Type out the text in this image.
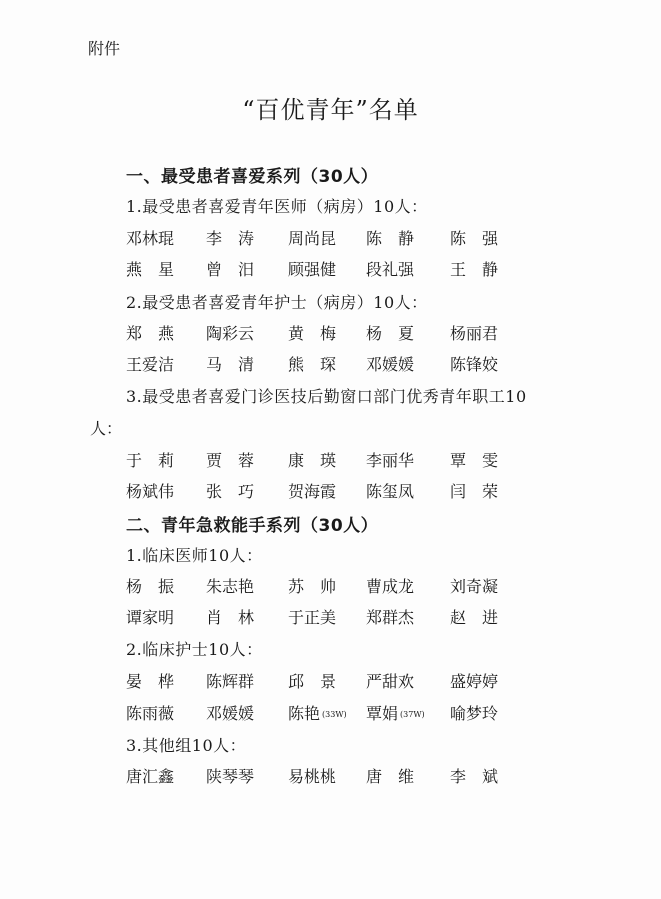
附件
“百优青年”名单
一、最受患者喜爱系列（30人）
1.最受患者喜爱青年医师（病房）10人：
邓林琨	李　涛	周尚昆	陈　静	陈　强
燕　星	曾　汨	顾强健	段礼强	王　静
2.最受患者喜爱青年护士（病房）10人：
郑　燕	陶彩云	黄　梅	杨　夏	杨丽君
王爱洁	马　清	熊　琛	邓媛媛	陈锋姣
3.最受患者喜爱门诊医技后勤窗口部门优秀青年职工10
人：
于　莉	贾　蓉	康　瑛	李丽华	覃　雯
杨斌伟	张　巧	贺海霞	陈玺凤	闫　荣
二、青年急救能手系列（30人）
1.临床医师10人：
杨　振	朱志艳	苏　帅	曹成龙	刘奇凝
谭家明	肖　林	于正美	郑群杰	赵　进
2.临床护士10人：
晏　桦	陈辉群	邱　景	严甜欢	盛婷婷
陈雨薇	邓媛媛	陈艳 (33W)	覃娟 (37W)	喻梦玲
3.其他组10人：
唐汇鑫	陕琴琴	易桃桃	唐　维	李　斌
